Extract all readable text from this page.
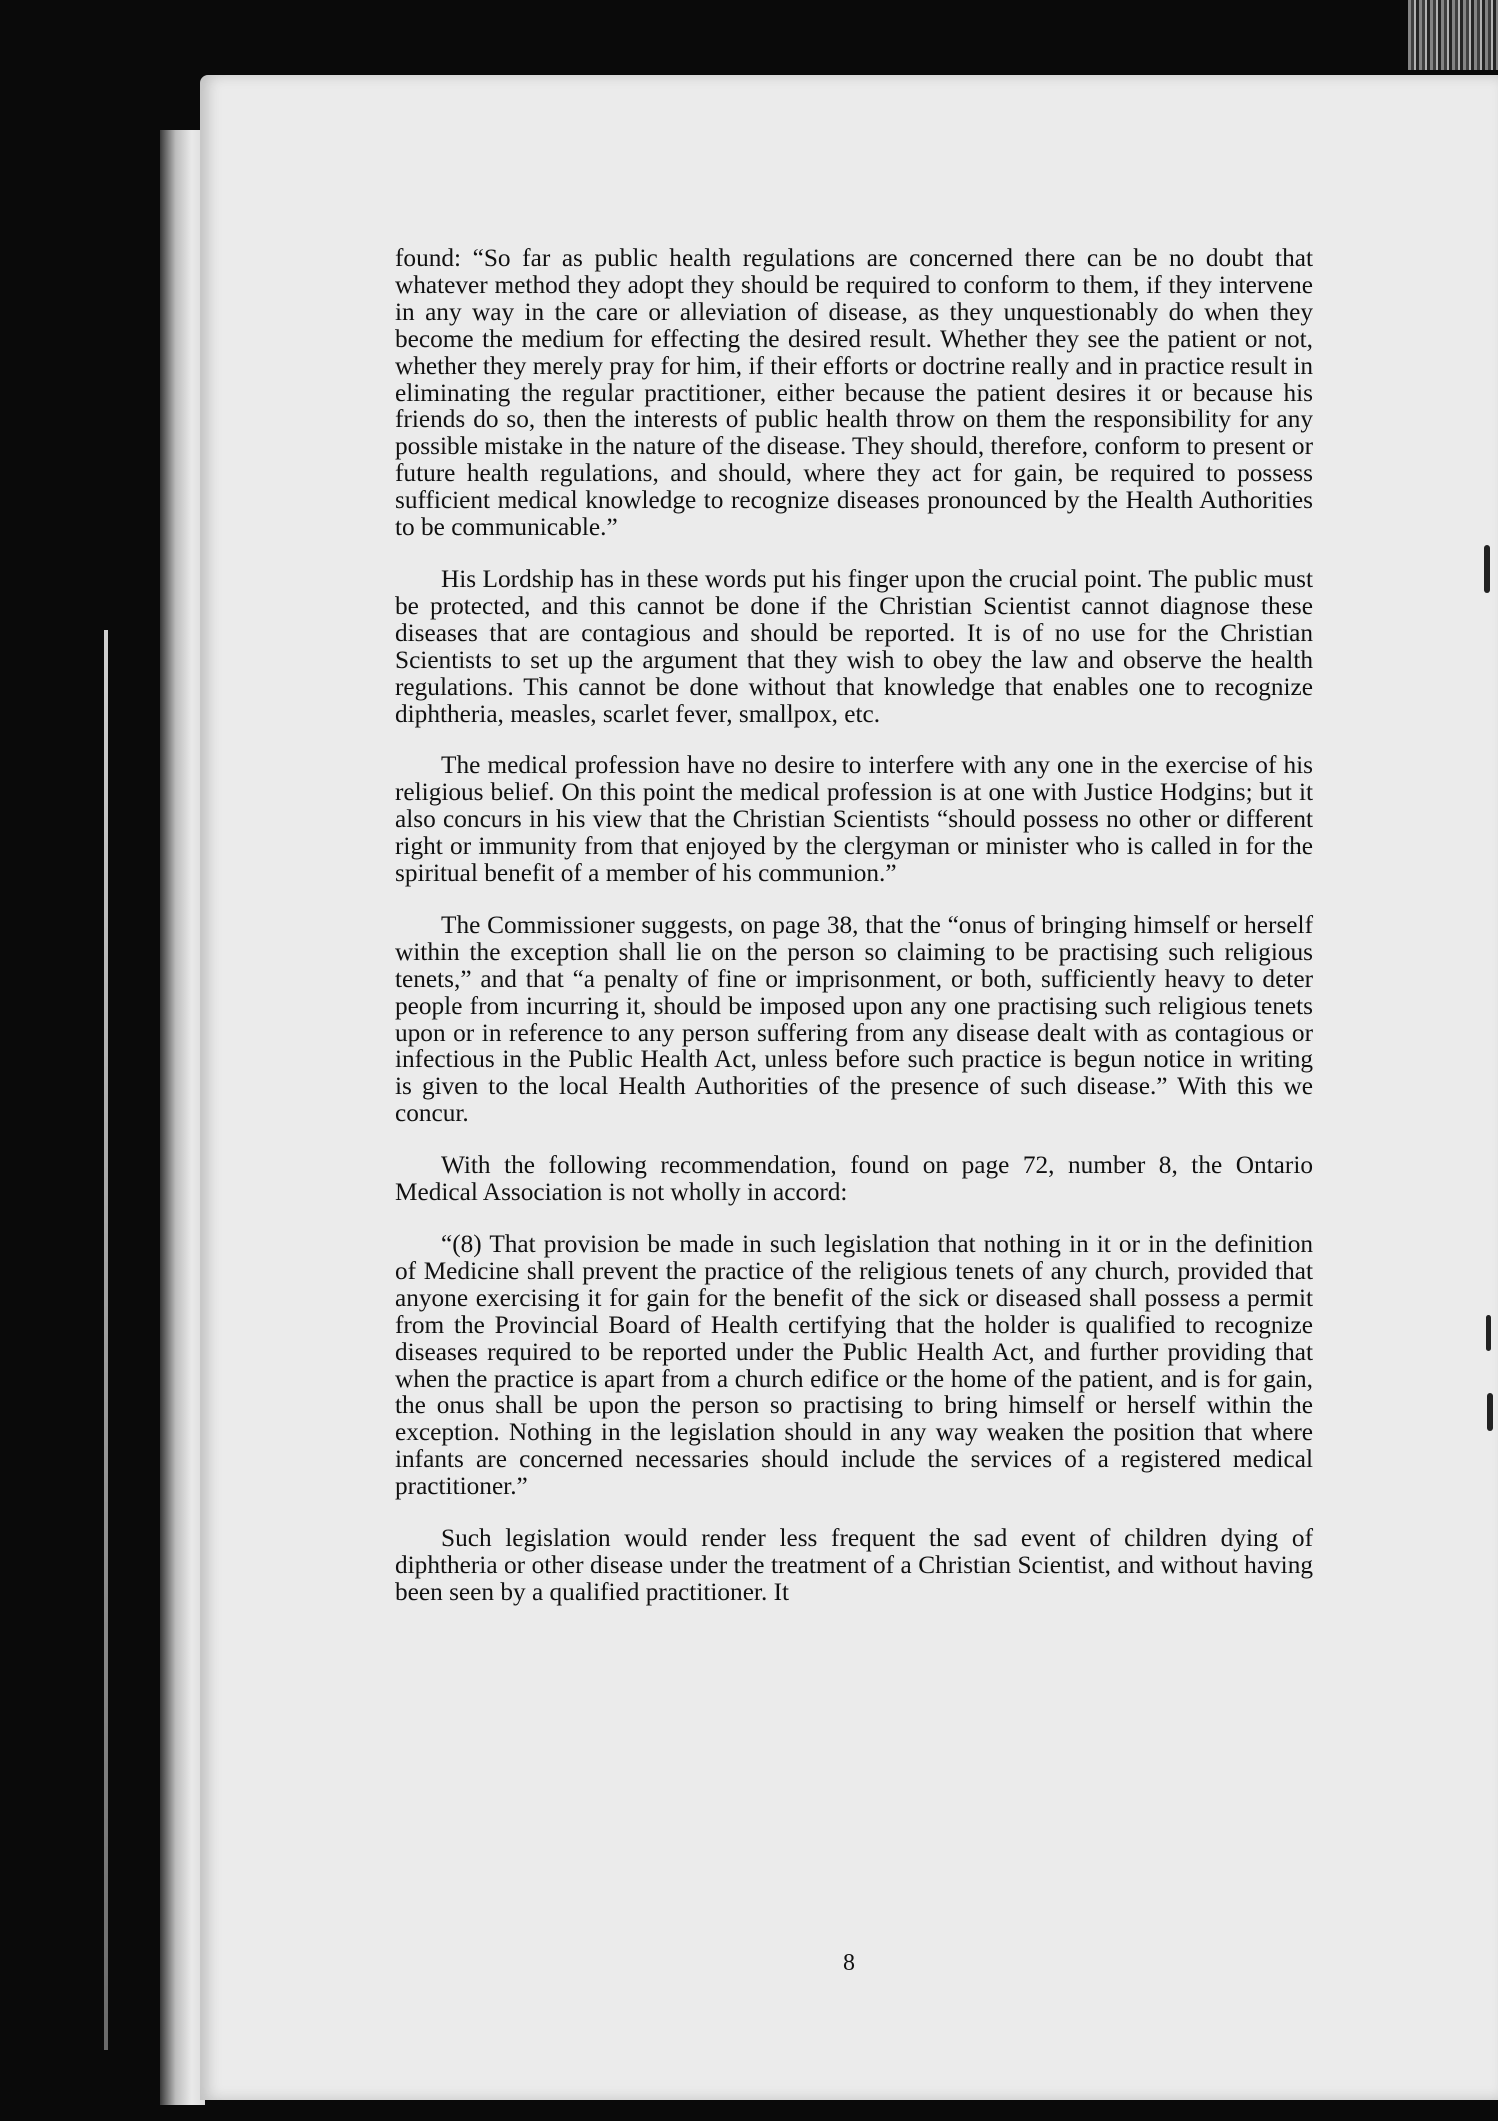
found: “So far as public health regulations are concerned there can be no doubt that whatever method they adopt they should be required to conform to them, if they intervene in any way in the care or alleviation of disease, as they unquestionably do when they become the medium for effecting the desired result. Whether they see the patient or not, whether they merely pray for him, if their efforts or doctrine really and in practice result in eliminating the regular practitioner, either because the patient desires it or because his friends do so, then the interests of public health throw on them the responsibility for any possible mistake in the nature of the disease. They should, therefore, conform to present or future health regulations, and should, where they act for gain, be required to possess sufficient medical knowledge to recognize diseases pronounced by the Health Authorities to be communicable.”

His Lordship has in these words put his finger upon the crucial point. The public must be protected, and this cannot be done if the Christian Scientist cannot diagnose these diseases that are contagious and should be reported. It is of no use for the Christian Scientists to set up the argument that they wish to obey the law and observe the health regulations. This cannot be done without that knowledge that enables one to recognize diphtheria, measles, scarlet fever, smallpox, etc.

The medical profession have no desire to interfere with any one in the exercise of his religious belief. On this point the medical profession is at one with Justice Hodgins; but it also concurs in his view that the Christian Scientists “should possess no other or different right or immunity from that enjoyed by the clergyman or minister who is called in for the spiritual benefit of a member of his communion.”

The Commissioner suggests, on page 38, that the “onus of bringing himself or herself within the exception shall lie on the person so claiming to be practising such religious tenets,” and that “a penalty of fine or imprisonment, or both, sufficiently heavy to deter people from incurring it, should be imposed upon any one practising such religious tenets upon or in reference to any person suffering from any disease dealt with as contagious or infectious in the Public Health Act, unless before such practice is begun notice in writing is given to the local Health Authorities of the presence of such disease.” With this we concur.

With the following recommendation, found on page 72, number 8, the Ontario Medical Association is not wholly in accord:

“(8) That provision be made in such legislation that nothing in it or in the definition of Medicine shall prevent the practice of the religious tenets of any church, provided that anyone exercising it for gain for the benefit of the sick or diseased shall possess a permit from the Provincial Board of Health certifying that the holder is qualified to recognize diseases required to be reported under the Public Health Act, and further providing that when the practice is apart from a church edifice or the home of the patient, and is for gain, the onus shall be upon the person so practising to bring himself or herself within the exception. Nothing in the legislation should in any way weaken the position that where infants are concerned necessaries should include the services of a registered medical practitioner.”

Such legislation would render less frequent the sad event of children dying of diphtheria or other disease under the treatment of a Christian Scientist, and without having been seen by a qualified practitioner. It

8
